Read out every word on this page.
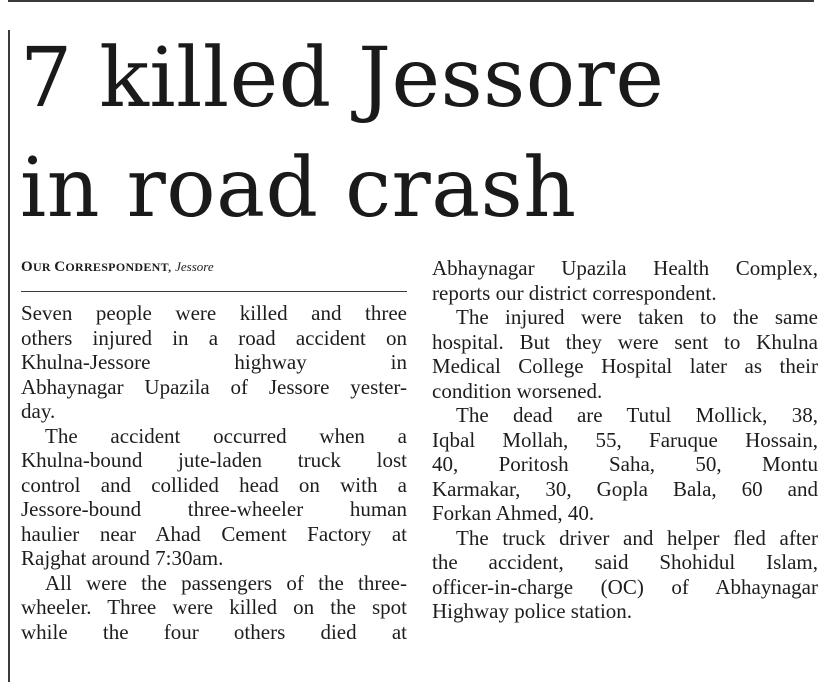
7 killed Jessore
in road crash
OUR CORRESPONDENT, Jessore
Seven people were killed and three
others injured in a road accident on
Khulna-Jessore highway in
Abhaynagar Upazila of Jessore yester-
day.
The accident occurred when a
Khulna-bound jute-laden truck lost
control and collided head on with a
Jessore-bound three-wheeler human
haulier near Ahad Cement Factory at
Rajghat around 7:30am.
All were the passengers of the three-
wheeler. Three were killed on the spot
while the four others died at
Abhaynagar Upazila Health Complex,
reports our district correspondent.
The injured were taken to the same
hospital. But they were sent to Khulna
Medical College Hospital later as their
condition worsened.
The dead are Tutul Mollick, 38,
Iqbal Mollah, 55, Faruque Hossain,
40, Poritosh Saha, 50, Montu
Karmakar, 30, Gopla Bala, 60 and
Forkan Ahmed, 40.
The truck driver and helper fled after
the accident, said Shohidul Islam,
officer-in-charge (OC) of Abhaynagar
Highway police station.
